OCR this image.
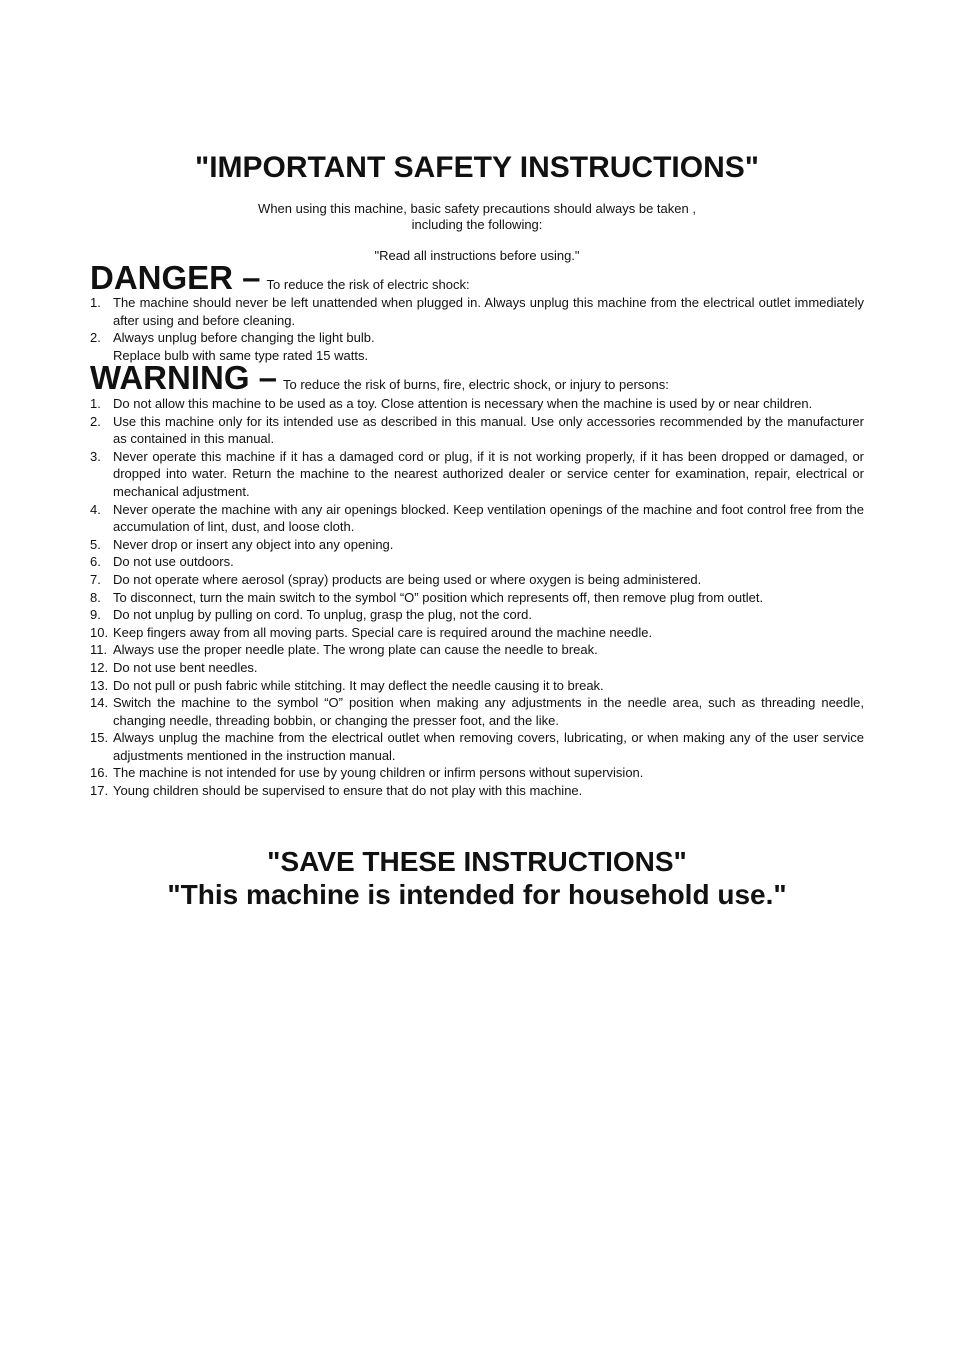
"IMPORTANT SAFETY INSTRUCTIONS"
When using this machine, basic safety precautions should always be taken ,
including the following:
"Read all instructions before using."
DANGER – To reduce the risk of electric shock:
1. The machine should never be left unattended when plugged in. Always unplug this machine from the electrical outlet immediately after using and before cleaning.
2. Always unplug before changing the light bulb.
Replace bulb with same type rated 15 watts.
WARNING – To reduce the risk of burns, fire, electric shock, or injury to persons:
1. Do not allow this machine to be used as a toy. Close attention is necessary when the machine is used by or near children.
2. Use this machine only for its intended use as described in this manual. Use only accessories recommended by the manufacturer as contained in this manual.
3. Never operate this machine if it has a damaged cord or plug, if it is not working properly, if it has been dropped or damaged, or dropped into water. Return the machine to the nearest authorized dealer or service center for examination, repair, electrical or mechanical adjustment.
4. Never operate the machine with any air openings blocked. Keep ventilation openings of the machine and foot control free from the accumulation of lint, dust, and loose cloth.
5. Never drop or insert any object into any opening.
6. Do not use outdoors.
7. Do not operate where aerosol (spray) products are being used or where oxygen is being administered.
8. To disconnect, turn the main switch to the symbol “O” position which represents off, then remove plug from outlet.
9. Do not unplug by pulling on cord. To unplug, grasp the plug, not the cord.
10. Keep fingers away from all moving parts. Special care is required around the machine needle.
11. Always use the proper needle plate. The wrong plate can cause the needle to break.
12. Do not use bent needles.
13. Do not pull or push fabric while stitching. It may deflect the needle causing it to break.
14. Switch the machine to the symbol “O” position when making any adjustments in the needle area, such as threading needle, changing needle, threading bobbin, or changing the presser foot, and the like.
15. Always unplug the machine from the electrical outlet when removing covers, lubricating, or when making any of the user service adjustments mentioned in the instruction manual.
16. The machine is not intended for use by young children or infirm persons without supervision.
17. Young children should be supervised to ensure that do not play with this machine.
"SAVE THESE INSTRUCTIONS"
"This machine is intended for household use."
